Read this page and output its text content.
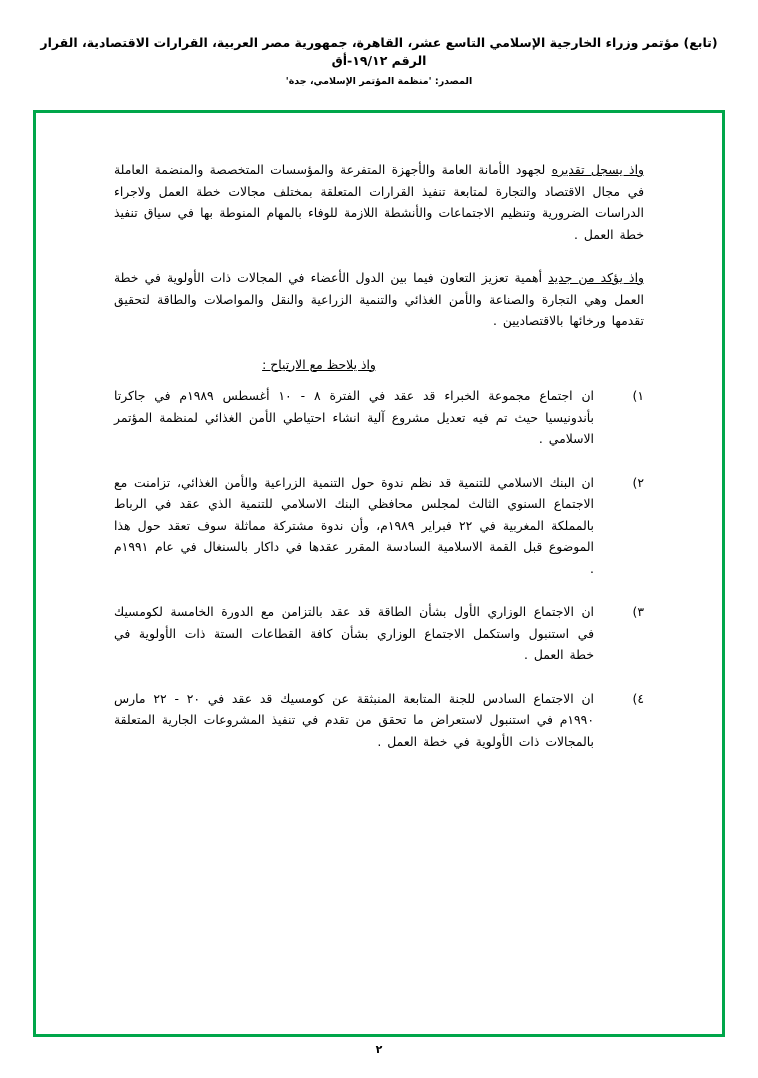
(تابع) مؤتمر وزراء الخارجية الإسلامي التاسع عشر، القاهرة، جمهورية مصر العربية، القرارات الاقتصادية، القرار الرقم ١٩/١٢-أق
المصدر: 'منظمة المؤتمر الإسلامي، جدة'
واذ يسجل تقديره لجهود الأمانة العامة والأجهزة المتفرعة والمؤسسات المتخصصة والمنضمة العاملة في مجال الاقتصاد والتجارة لمتابعة تنفيذ القرارات المتعلقة بمختلف مجالات خطة العمل ولاجراء الدراسات الضرورية وتنظيم الاجتماعات والأنشطة اللازمة للوفاء بالمهام المنوطة بها في سياق تنفيذ خطة العمل .
واذ يؤكد من جديد أهمية تعزيز التعاون فيما بين الدول الأعضاء في المجالات ذات الأولوية في خطة العمل وهي التجارة والصناعة والأمن الغذائي والتنمية الزراعية والنقل والمواصلات والطاقة لتحقيق تقدمها ورخائها بالاقتصاديين .
واذ يلاحظ مع الارتياح :
١)
ان اجتماع مجموعة الخبراء قد عقد في الفترة ٨ - ١٠ أغسطس ١٩٨٩م في جاكرتا بأندونيسيا حيث تم فيه تعديل مشروع آلية انشاء احتياطي الأمن الغذائي لمنظمة المؤتمر الاسلامي .
٢)
ان البنك الاسلامي للتنمية قد نظم ندوة حول التنمية الزراعية والأمن الغذائي، تزامنت مع الاجتماع السنوي الثالث لمجلس محافظي البنك الاسلامي للتنمية الذي عقد في الرباط بالمملكة المغربية في ٢٢ فبراير ١٩٨٩م، وأن ندوة مشتركة مماثلة سوف تعقد حول هذا الموضوع قبل القمة الاسلامية السادسة المقرر عقدها في داكار بالسنغال في عام ١٩٩١م .
٣)
ان الاجتماع الوزاري الأول بشأن الطاقة قد عقد بالتزامن مع الدورة الخامسة لكومسيك في استنبول واستكمل الاجتماع الوزاري بشأن كافة القطاعات الستة ذات الأولوية في خطة العمل .
٤)
ان الاجتماع السادس للجنة المتابعة المنبثقة عن كومسيك قد عقد في ٢٠ - ٢٢ مارس ١٩٩٠م في استنبول لاستعراض ما تحقق من تقدم في تنفيذ المشروعات الجارية المتعلقة بالمجالات ذات الأولوية في خطة العمل .
٢
